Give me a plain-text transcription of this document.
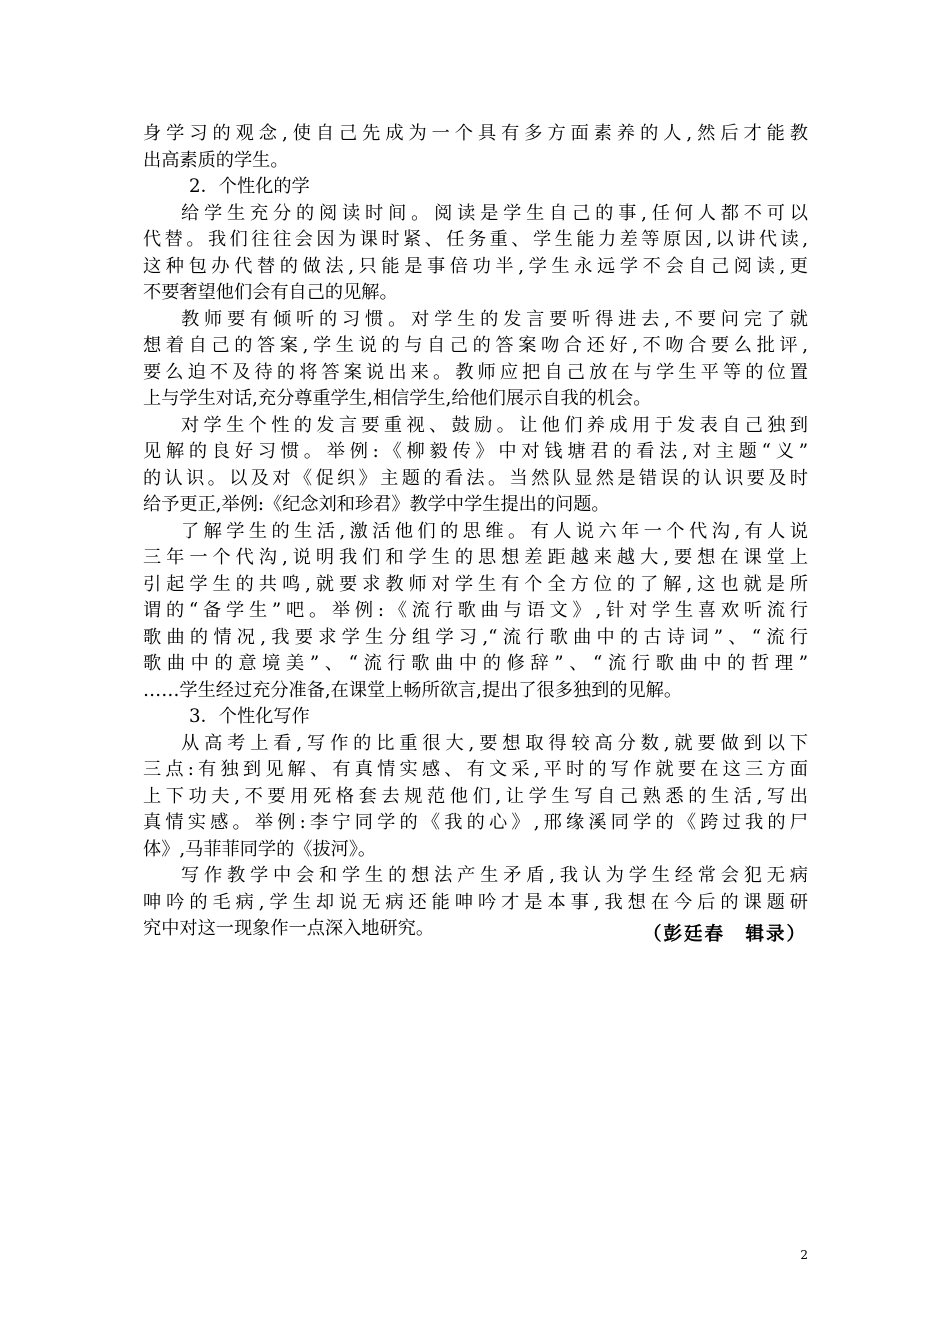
身学习的观念,使自己先成为一个具有多方面素养的人,然后才能教
出高素质的学生。
2．个性化的学
给学生充分的阅读时间。阅读是学生自己的事,任何人都不可以
代替。我们往往会因为课时紧、任务重、学生能力差等原因,以讲代读,
这种包办代替的做法,只能是事倍功半,学生永远学不会自己阅读,更
不要奢望他们会有自己的见解。
教师要有倾听的习惯。对学生的发言要听得进去,不要问完了就
想着自己的答案,学生说的与自己的答案吻合还好,不吻合要么批评,
要么迫不及待的将答案说出来。教师应把自己放在与学生平等的位置
上与学生对话,充分尊重学生,相信学生,给他们展示自我的机会。
对学生个性的发言要重视、鼓励。让他们养成用于发表自己独到
见解的良好习惯。举例:《柳毅传》中对钱塘君的看法,对主题“义”
的认识。以及对《促织》主题的看法。当然队显然是错误的认识要及时
给予更正,举例:《纪念刘和珍君》教学中学生提出的问题。
了解学生的生活,激活他们的思维。有人说六年一个代沟,有人说
三年一个代沟,说明我们和学生的思想差距越来越大,要想在课堂上
引起学生的共鸣,就要求教师对学生有个全方位的了解,这也就是所
谓的“备学生”吧。举例:《流行歌曲与语文》,针对学生喜欢听流行
歌曲的情况,我要求学生分组学习,“流行歌曲中的古诗词”、“流行
歌曲中的意境美”、“流行歌曲中的修辞”、“流行歌曲中的哲理”
……学生经过充分准备,在课堂上畅所欲言,提出了很多独到的见解。
3．个性化写作
从高考上看,写作的比重很大,要想取得较高分数,就要做到以下
三点:有独到见解、有真情实感、有文采,平时的写作就要在这三方面
上下功夫,不要用死格套去规范他们,让学生写自己熟悉的生活,写出
真情实感。举例:李宁同学的《我的心》,邢缘溪同学的《跨过我的尸
体》,马菲菲同学的《拔河》。
写作教学中会和学生的想法产生矛盾,我认为学生经常会犯无病
呻吟的毛病,学生却说无病还能呻吟才是本事,我想在今后的课题研
究中对这一现象作一点深入地研究。	（彭廷春　辑录）
2
